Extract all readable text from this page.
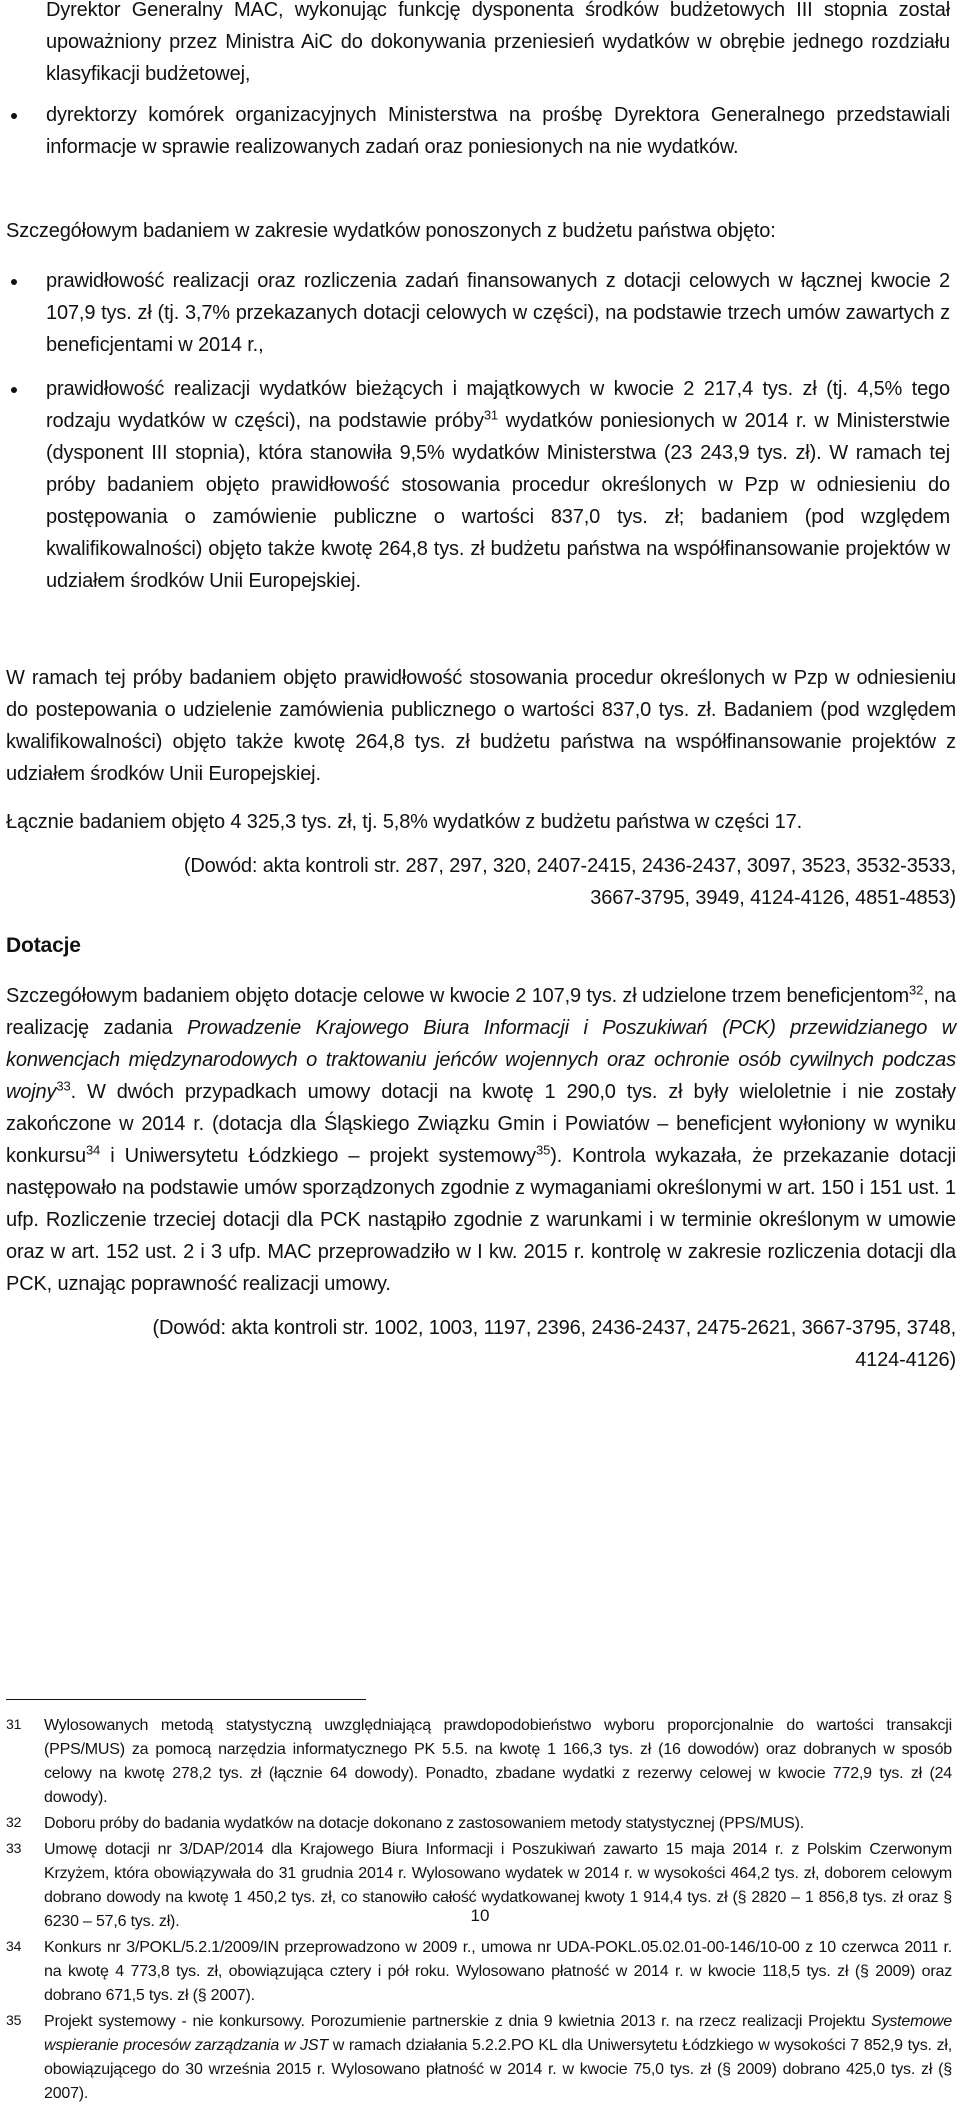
Dyrektor Generalny MAC, wykonując funkcję dysponenta środków budżetowych III stopnia został upoważniony przez Ministra AiC do dokonywania przeniesień wydatków w obrębie jednego rozdziału klasyfikacji budżetowej,
dyrektorzy komórek organizacyjnych Ministerstwa na prośbę Dyrektora Generalnego przedstawiali informacje w sprawie realizowanych zadań oraz poniesionych na nie wydatków.
Szczegółowym badaniem w zakresie wydatków ponoszonych z budżetu państwa objęto:
prawidłowość realizacji oraz rozliczenia zadań finansowanych z dotacji celowych w łącznej kwocie 2 107,9 tys. zł (tj. 3,7% przekazanych dotacji celowych w części), na podstawie trzech umów zawartych z beneficjentami w 2014 r.,
prawidłowość realizacji wydatków bieżących i majątkowych w kwocie 2 217,4 tys. zł (tj. 4,5% tego rodzaju wydatków w części), na podstawie próby$^{31}$ wydatków poniesionych w 2014 r. w Ministerstwie (dysponent III stopnia), która stanowiła 9,5% wydatków Ministerstwa (23 243,9 tys. zł). W ramach tej próby badaniem objęto prawidłowość stosowania procedur określonych w Pzp w odniesieniu do postępowania o zamówienie publiczne o wartości 837,0 tys. zł; badaniem (pod względem kwalifikowalności) objęto także kwotę 264,8 tys. zł budżetu państwa na współfinansowanie projektów w udziałem środków Unii Europejskiej.
W ramach tej próby badaniem objęto prawidłowość stosowania procedur określonych w Pzp w odniesieniu do postepowania o udzielenie zamówienia publicznego o wartości 837,0 tys. zł. Badaniem (pod względem kwalifikowalności) objęto także kwotę 264,8 tys. zł budżetu państwa na współfinansowanie projektów z udziałem środków Unii Europejskiej.
Łącznie badaniem objęto 4 325,3 tys. zł, tj. 5,8% wydatków z budżetu państwa w części 17.
(Dowód: akta kontroli str. 287, 297, 320, 2407-2415, 2436-2437, 3097, 3523, 3532-3533,
3667-3795, 3949, 4124-4126, 4851-4853)
Dotacje
Szczegółowym badaniem objęto dotacje celowe w kwocie 2 107,9 tys. zł udzielone trzem beneficjentom$^{32}$, na realizację zadania Prowadzenie Krajowego Biura Informacji i Poszukiwań (PCK) przewidzianego w konwencjach międzynarodowych o traktowaniu jeńców wojennych oraz ochronie osób cywilnych podczas wojny$^{33}$. W dwóch przypadkach umowy dotacji na kwotę 1 290,0 tys. zł były wieloletnie i nie zostały zakończone w 2014 r. (dotacja dla Śląskiego Związku Gmin i Powiatów – beneficjent wyłoniony w wyniku konkursu$^{34}$ i Uniwersytetu Łódzkiego – projekt systemowy$^{35}$). Kontrola wykazała, że przekazanie dotacji następowało na podstawie umów sporządzonych zgodnie z wymaganiami określonymi w art. 150 i 151 ust. 1 ufp. Rozliczenie trzeciej dotacji dla PCK nastąpiło zgodnie z warunkami i w terminie określonym w umowie oraz w art. 152 ust. 2 i 3 ufp. MAC przeprowadziło w I kw. 2015 r. kontrolę w zakresie rozliczenia dotacji dla PCK, uznając poprawność realizacji umowy.
(Dowód: akta kontroli str. 1002, 1003, 1197, 2396, 2436-2437, 2475-2621, 3667-3795, 3748,
4124-4126)
31 Wylosowanych metodą statystyczną uwzględniającą prawdopodobieństwo wyboru proporcjonalnie do wartości transakcji (PPS/MUS) za pomocą narzędzia informatycznego PK 5.5. na kwotę 1 166,3 tys. zł (16 dowodów) oraz dobranych w sposób celowy na kwotę 278,2 tys. zł (łącznie 64 dowody). Ponadto, zbadane wydatki z rezerwy celowej w kwocie 772,9 tys. zł (24 dowody).
32 Doboru próby do badania wydatków na dotacje dokonano z zastosowaniem metody statystycznej (PPS/MUS).
33 Umowę dotacji nr 3/DAP/2014 dla Krajowego Biura Informacji i Poszukiwań zawarto 15 maja 2014 r. z Polskim Czerwonym Krzyżem, która obowiązywała do 31 grudnia 2014 r. Wylosowano wydatek w 2014 r. w wysokości 464,2 tys. zł, doborem celowym dobrano dowody na kwotę 1 450,2 tys. zł, co stanowiło całość wydatkowanej kwoty 1 914,4 tys. zł (§ 2820 – 1 856,8 tys. zł oraz § 6230 – 57,6 tys. zł).
34 Konkurs nr 3/POKL/5.2.1/2009/IN przeprowadzono w 2009 r., umowa nr UDA-POKL.05.02.01-00-146/10-00 z 10 czerwca 2011 r. na kwotę 4 773,8 tys. zł, obowiązująca cztery i pół roku. Wylosowano płatność w 2014 r. w kwocie 118,5 tys. zł (§ 2009) oraz dobrano 671,5 tys. zł (§ 2007).
35 Projekt systemowy - nie konkursowy. Porozumienie partnerskie z dnia 9 kwietnia 2013 r. na rzecz realizacji Projektu Systemowe wspieranie procesów zarządzania w JST w ramach działania 5.2.2.PO KL dla Uniwersytetu Łódzkiego w wysokości 7 852,9 tys. zł, obowiązującego do 30 września 2015 r. Wylosowano płatność w 2014 r. w kwocie 75,0 tys. zł (§ 2009) dobrano 425,0 tys. zł (§ 2007).
10
